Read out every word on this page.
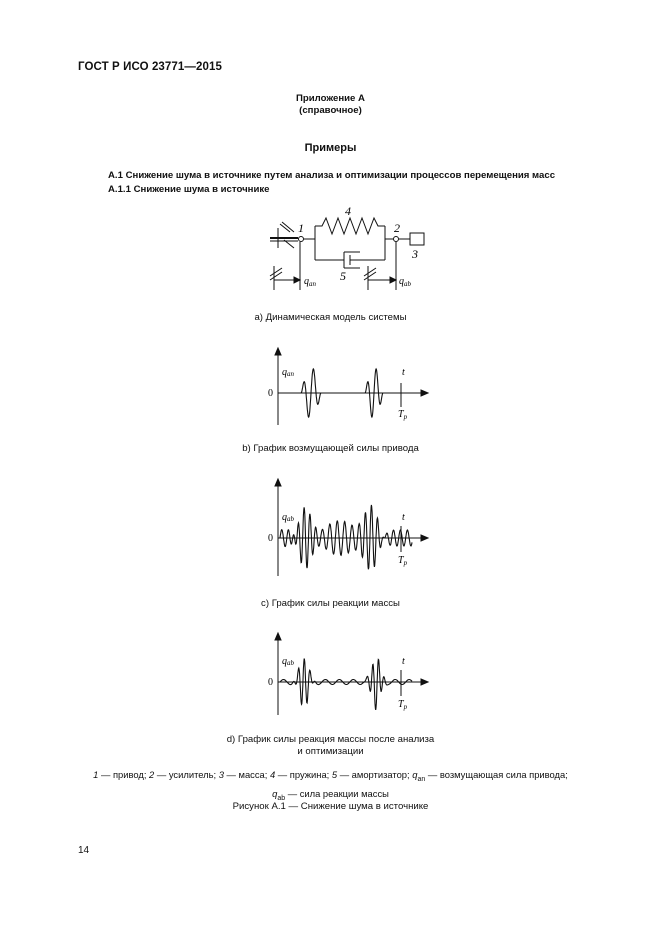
ГОСТ Р ИСО 23771—2015
Приложение А
(справочное)
Примеры
А.1 Снижение шума в источнике путем анализа и оптимизации процессов перемещения масс
А.1.1 Снижение шума в источнике
1	2
3
4
5
$q_{an}$	$q_{ab}$
a) Динамическая модель системы
0
qan	t
$T_p$
b) График возмущающей силы привода
0
qab	t
$T_p$
c) График силы реакции массы
0
qab	t
$T_p$
d) График силы реакция массы после анализа
и оптимизации
1 — привод; 2 — усилитель; 3 — масса; 4 — пружина; 5 — амортизатор; $q_{an}$ — возмущающая сила привода;
$q_{ab}$ — сила реакции массы
Рисунок А.1 — Снижение шума в источнике
14
